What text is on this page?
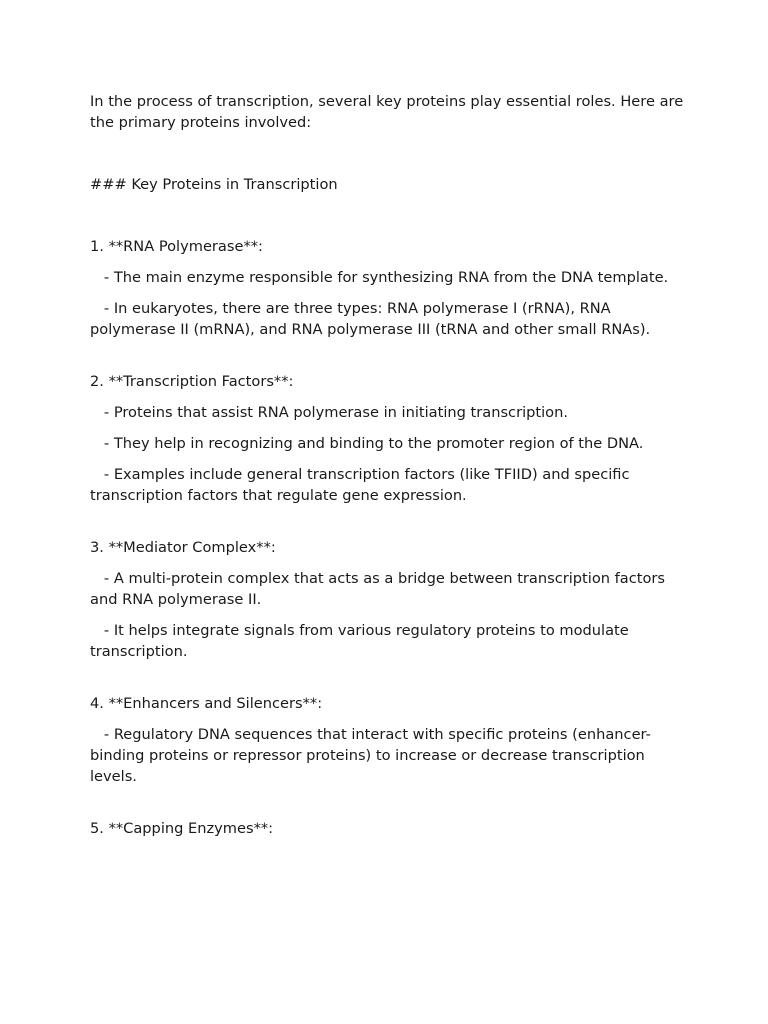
In the process of transcription, several key proteins play essential roles. Here are the primary proteins involved:

### Key Proteins in Transcription

1. **RNA Polymerase**:

- The main enzyme responsible for synthesizing RNA from the DNA template.

- In eukaryotes, there are three types: RNA polymerase I (rRNA), RNA polymerase II (mRNA), and RNA polymerase III (tRNA and other small RNAs).

2. **Transcription Factors**:

- Proteins that assist RNA polymerase in initiating transcription.

- They help in recognizing and binding to the promoter region of the DNA.

- Examples include general transcription factors (like TFIID) and specific transcription factors that regulate gene expression.

3. **Mediator Complex**:

- A multi-protein complex that acts as a bridge between transcription factors and RNA polymerase II.

- It helps integrate signals from various regulatory proteins to modulate transcription.

4. **Enhancers and Silencers**:

- Regulatory DNA sequences that interact with specific proteins (enhancer-binding proteins or repressor proteins) to increase or decrease transcription levels.

5. **Capping Enzymes**:
